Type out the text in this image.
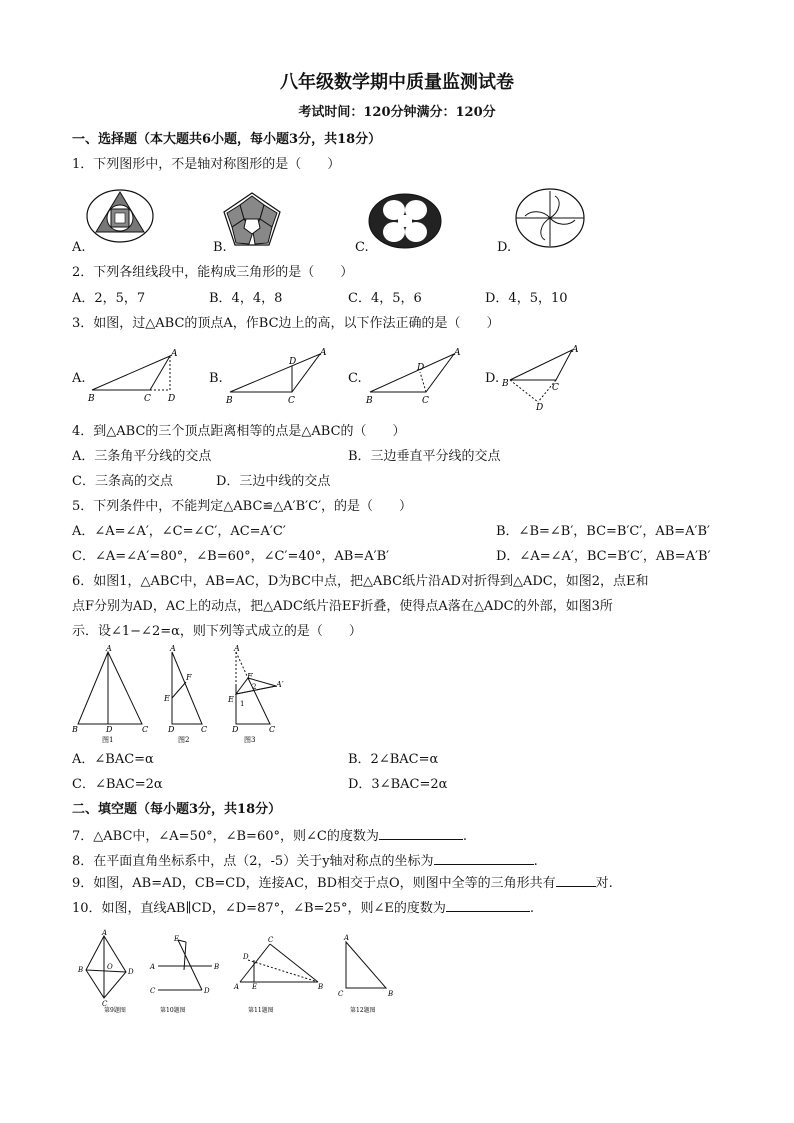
八年级数学期中质量监测试卷
考试时间：120分钟满分：120分
一、选择题（本大题共6小题，每小题3分，共18分）
1．下列图形中，不是轴对称图形的是（　　）
A.	B.	C.	D.
2．下列各组线段中，能构成三角形的是（　　）
A．2，5，7	B．4，4，8	C．4，5，6	D．4，5，10
3．如图，过△ABC的顶点A，作BC边上的高，以下作法正确的是（　　）
A.	B.	C.	D.
A
B	C D
A
D
B	C
A
D
B	C
A
B	C
D
4．到△ABC的三个顶点距离相等的点是△ABC的（　　）
A．三条角平分线的交点	B．三边垂直平分线的交点
C．三条高的交点	D．三边中线的交点
5．下列条件中，不能判定△ABC≌△A′B′C′，的是（　　）
A．∠A=∠A′，∠C=∠C′，AC=A′C′	B．∠B=∠B′，BC=B′C′，AB=A′B′
C．∠A=∠A′=80°，∠B=60°，∠C′=40°，AB=A′B′	D．∠A=∠A′，BC=B′C′，AB=A′B′
6．如图1，△ABC中，AB=AC，D为BC中点，把△ABC纸片沿AD对折得到△ADC，如图2，点E和
点F分别为AD，AC上的动点，把△ADC纸片沿EF折叠，使得点A落在△ADC的外部，如图3所
示．设∠1−∠2=α，则下列等式成立的是（　　）
A
B	D	C
图1
A
F
E
D	C
图2
A
F
A′
E 1
2
D	C
图3
A．∠BAC=α	B．2∠BAC=α
C．∠BAC=2α	D．3∠BAC=2α
二、填空题（每小题3分，共18分）
7．△ABC中，∠A=50°，∠B=60°，则∠C的度数为	.
8．在平面直角坐标系中，点（2，-5）关于y轴对称点的坐标为	.
9．如图，AB=AD，CB=CD，连接AC，BD相交于点O，则图中全等的三角形共有	对.
10．如图，直线AB∥CD，∠D=87°，∠B=25°，则∠E的度数为	.
A
B	O
D
C
第9题图
E
A	B
C	D
第10题图
C
D
A E	B
第11题图
A
C	B
第12题图
